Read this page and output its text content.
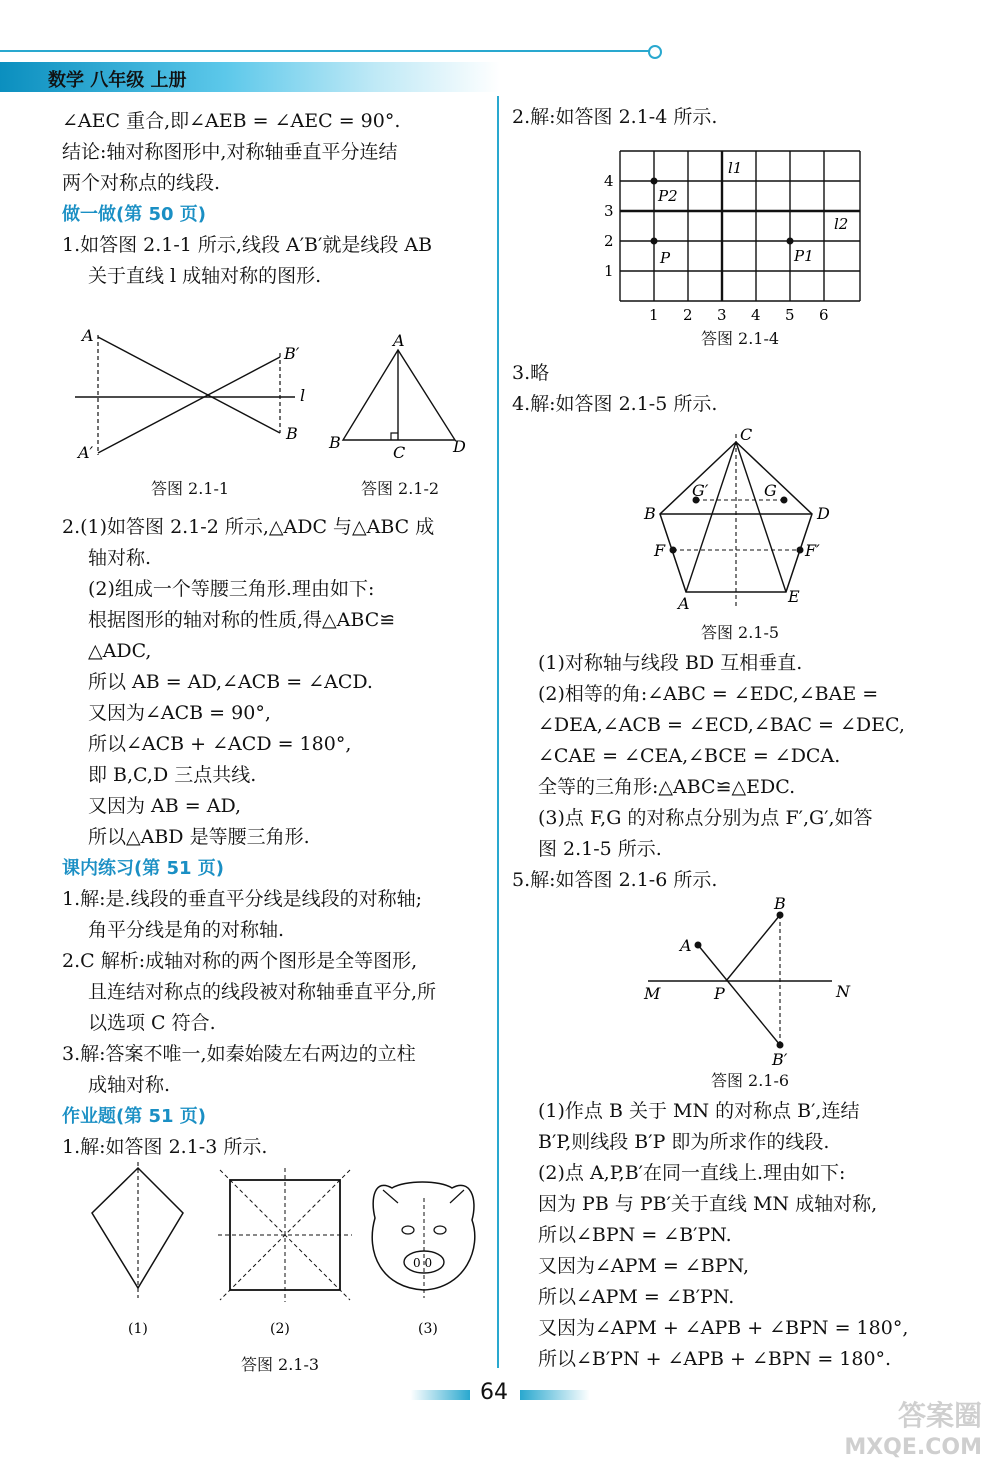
数学 八年级 上册

∠AEC 重合,即∠AEB = ∠AEC = 90°.

结论:轴对称图形中,对称轴垂直平分连结

两个对称点的线段.

做一做(第 50 页)

1.如答图 2.1-1 所示,线段 A′B′就是线段 AB

关于直线 l 成轴对称的图形.

A
B′
l
B
A′
答图 2.1-1
A
B
C	D
答图 2.1-2

2.(1)如答图 2.1-2 所示,△ADC 与△ABC 成

轴对称.

(2)组成一个等腰三角形.理由如下:

根据图形的轴对称的性质,得△ABC≌

△ADC,

所以 AB = AD,∠ACB = ∠ACD.

又因为∠ACB = 90°,

所以∠ACB + ∠ACD = 180°,

即 B,C,D 三点共线.

又因为 AB = AD,

所以△ABD 是等腰三角形.

课内练习(第 51 页)

1.解:是.线段的垂直平分线是线段的对称轴;

角平分线是角的对称轴.

2.C 解析:成轴对称的两个图形是全等图形,

且连结对称点的线段被对称轴垂直平分,所

以选项 C 符合.

3.解:答案不唯一,如秦始陵左右两边的立柱

成轴对称.

作业题(第 51 页)

1.解:如答图 2.1-3 所示.

0 0
(1)	(2)	(3)
答图 2.1-3

2.解:如答图 2.1-4 所示.

P2
P	P1
l1
l2
4
3
2
1
1 2 3 4 5 6
答图 2.1-4

3.略

4.解:如答图 2.1-5 所示.

C
G′	G
B	D
F	F′
A	E
答图 2.1-5

(1)对称轴与线段 BD 互相垂直.

(2)相等的角:∠ABC = ∠EDC,∠BAE =

∠DEA,∠ACB = ∠ECD,∠BAC = ∠DEC,

∠CAE = ∠CEA,∠BCE = ∠DCA.

全等的三角形:△ABC≌△EDC.

(3)点 F,G 的对称点分别为点 F′,G′,如答

图 2.1-5 所示.

5.解:如答图 2.1-6 所示.

B
A
M	P	N
B′
答图 2.1-6

(1)作点 B 关于 MN 的对称点 B′,连结

B′P,则线段 B′P 即为所求作的线段.

(2)点 A,P,B′在同一直线上.理由如下:

因为 PB 与 PB′关于直线 MN 成轴对称,

所以∠BPN = ∠B′PN.

又因为∠APM = ∠BPN,

所以∠APM = ∠B′PN.

又因为∠APM + ∠APB + ∠BPN = 180°,

所以∠B′PN + ∠APB + ∠BPN = 180°.

64
答案圈
MXQE.COM
